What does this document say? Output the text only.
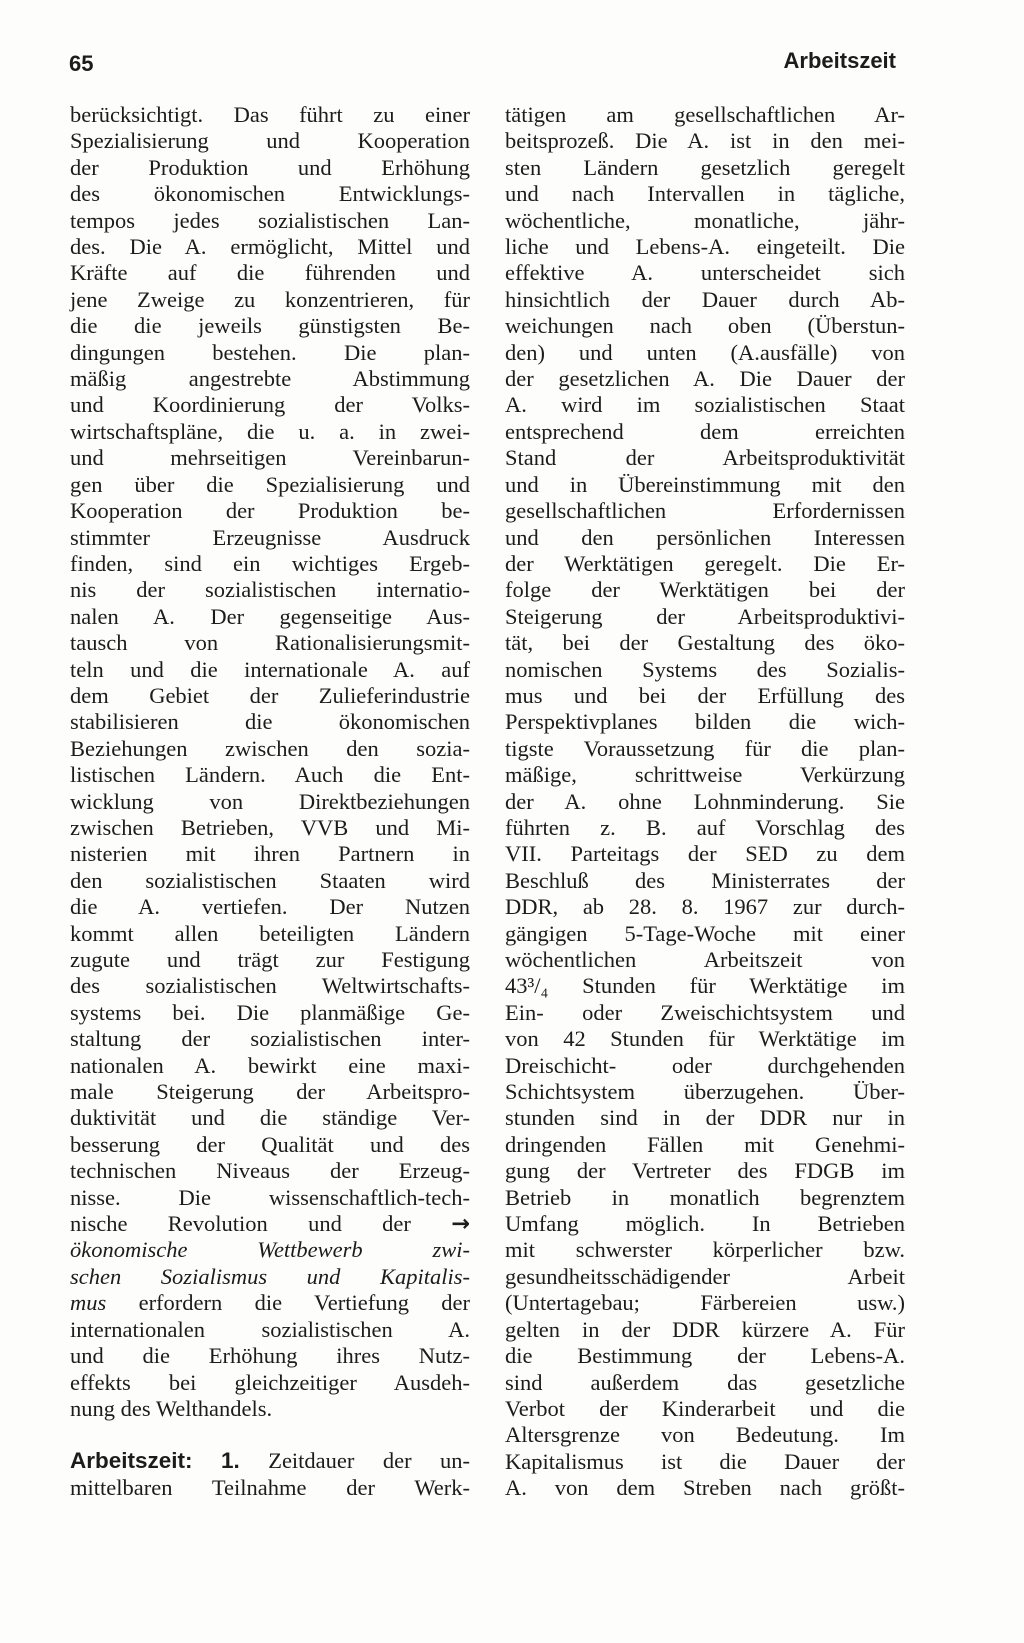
65	Arbeitszeit
berücksichtigt. Das führt zu einer
Spezialisierung und Kooperation
der Produktion und Erhöhung
des ökonomischen Entwicklungs-
tempos jedes sozialistischen Lan-
des. Die A. ermöglicht, Mittel und
Kräfte auf die führenden und
jene Zweige zu konzentrieren, für
die die jeweils günstigsten Be-
dingungen bestehen. Die plan-
mäßig angestrebte Abstimmung
und Koordinierung der Volks-
wirtschaftspläne, die u. a. in zwei-
und mehrseitigen Vereinbarun-
gen über die Spezialisierung und
Kooperation der Produktion be-
stimmter Erzeugnisse Ausdruck
finden, sind ein wichtiges Ergeb-
nis der sozialistischen internatio-
nalen A. Der gegenseitige Aus-
tausch von Rationalisierungsmit-
teln und die internationale A. auf
dem Gebiet der Zulieferindustrie
stabilisieren die ökonomischen
Beziehungen zwischen den sozia-
listischen Ländern. Auch die Ent-
wicklung von Direktbeziehungen
zwischen Betrieben, VVB und Mi-
nisterien mit ihren Partnern in
den sozialistischen Staaten wird
die A. vertiefen. Der Nutzen
kommt allen beteiligten Ländern
zugute und trägt zur Festigung
des sozialistischen Weltwirtschafts-
systems bei. Die planmäßige Ge-
staltung der sozialistischen inter-
nationalen A. bewirkt eine maxi-
male Steigerung der Arbeitspro-
duktivität und die ständige Ver-
besserung der Qualität und des
technischen Niveaus der Erzeug-
nisse. Die wissenschaftlich-tech-
nische Revolution und der →
ökonomische Wettbewerb zwi-
schen Sozialismus und Kapitalis-
mus erfordern die Vertiefung der
internationalen sozialistischen A.
und die Erhöhung ihres Nutz-
effekts bei gleichzeitiger Ausdeh-
nung des Welthandels.
Arbeitszeit: 1. Zeitdauer der un-
mittelbaren Teilnahme der Werk-
tätigen am gesellschaftlichen Ar-
beitsprozeß. Die A. ist in den mei-
sten Ländern gesetzlich geregelt
und nach Intervallen in tägliche,
wöchentliche, monatliche, jähr-
liche und Lebens-A. eingeteilt. Die
effektive A. unterscheidet sich
hinsichtlich der Dauer durch Ab-
weichungen nach oben (Überstun-
den) und unten (A.ausfälle) von
der gesetzlichen A. Die Dauer der
A. wird im sozialistischen Staat
entsprechend dem erreichten
Stand der Arbeitsproduktivität
und in Übereinstimmung mit den
gesellschaftlichen Erfordernissen
und den persönlichen Interessen
der Werktätigen geregelt. Die Er-
folge der Werktätigen bei der
Steigerung der Arbeitsproduktivi-
tät, bei der Gestaltung des öko-
nomischen Systems des Sozialis-
mus und bei der Erfüllung des
Perspektivplanes bilden die wich-
tigste Voraussetzung für die plan-
mäßige, schrittweise Verkürzung
der A. ohne Lohnminderung. Sie
führten z. B. auf Vorschlag des
VII. Parteitags der SED zu dem
Beschluß des Ministerrates der
DDR, ab 28. 8. 1967 zur durch-
gängigen 5-Tage-Woche mit einer
wöchentlichen Arbeitszeit von
43³/₄ Stunden für Werktätige im
Ein- oder Zweischichtsystem und
von 42 Stunden für Werktätige im
Dreischicht- oder durchgehenden
Schichtsystem überzugehen. Über-
stunden sind in der DDR nur in
dringenden Fällen mit Genehmi-
gung der Vertreter des FDGB im
Betrieb in monatlich begrenztem
Umfang möglich. In Betrieben
mit schwerster körperlicher bzw.
gesundheitsschädigender Arbeit
(Untertagebau; Färbereien usw.)
gelten in der DDR kürzere A. Für
die Bestimmung der Lebens-A.
sind außerdem das gesetzliche
Verbot der Kinderarbeit und die
Altersgrenze von Bedeutung. Im
Kapitalismus ist die Dauer der
A. von dem Streben nach größt-
